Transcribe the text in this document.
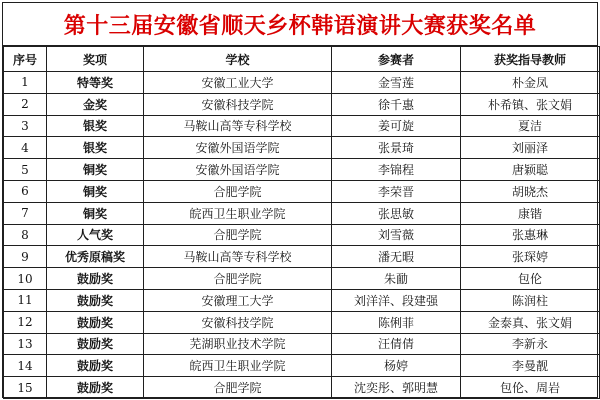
第十三届安徽省顺天乡杯韩语演讲大赛获奖名单
序号	奖项	学校	参赛者	获奖指导教师
1	特等奖	安徽工业大学	金雪莲	朴金凤
2	金奖	安徽科技学院	徐千惠	朴希镇、张文娟
3	银奖	马鞍山高等专科学校	姜可旋	夏洁
4	银奖	安徽外国语学院	张景琦	刘丽泽
5	铜奖	安徽外国语学院	李锦程	唐颖聪
6	铜奖	合肥学院	李荣晋	胡晓杰
7	铜奖	皖西卫生职业学院	张思敏	康锴
8	人气奖	合肥学院	刘雪薇	张惠琳
9	优秀原稿奖	马鞍山高等专科学校	潘无暇	张琛婷
10	鼓励奖	合肥学院	朱勔	包伦
11	鼓励奖	安徽理工大学	刘洋洋、段建强	陈润柱
12	鼓励奖	安徽科技学院	陈俐菲	金泰真、张文娟
13	鼓励奖	芜湖职业技术学院	汪倩倩	李新永
14	鼓励奖	皖西卫生职业学院	杨婷	李曼靓
15	鼓励奖	合肥学院	沈奕彤、郭明慧	包伦、周岩
